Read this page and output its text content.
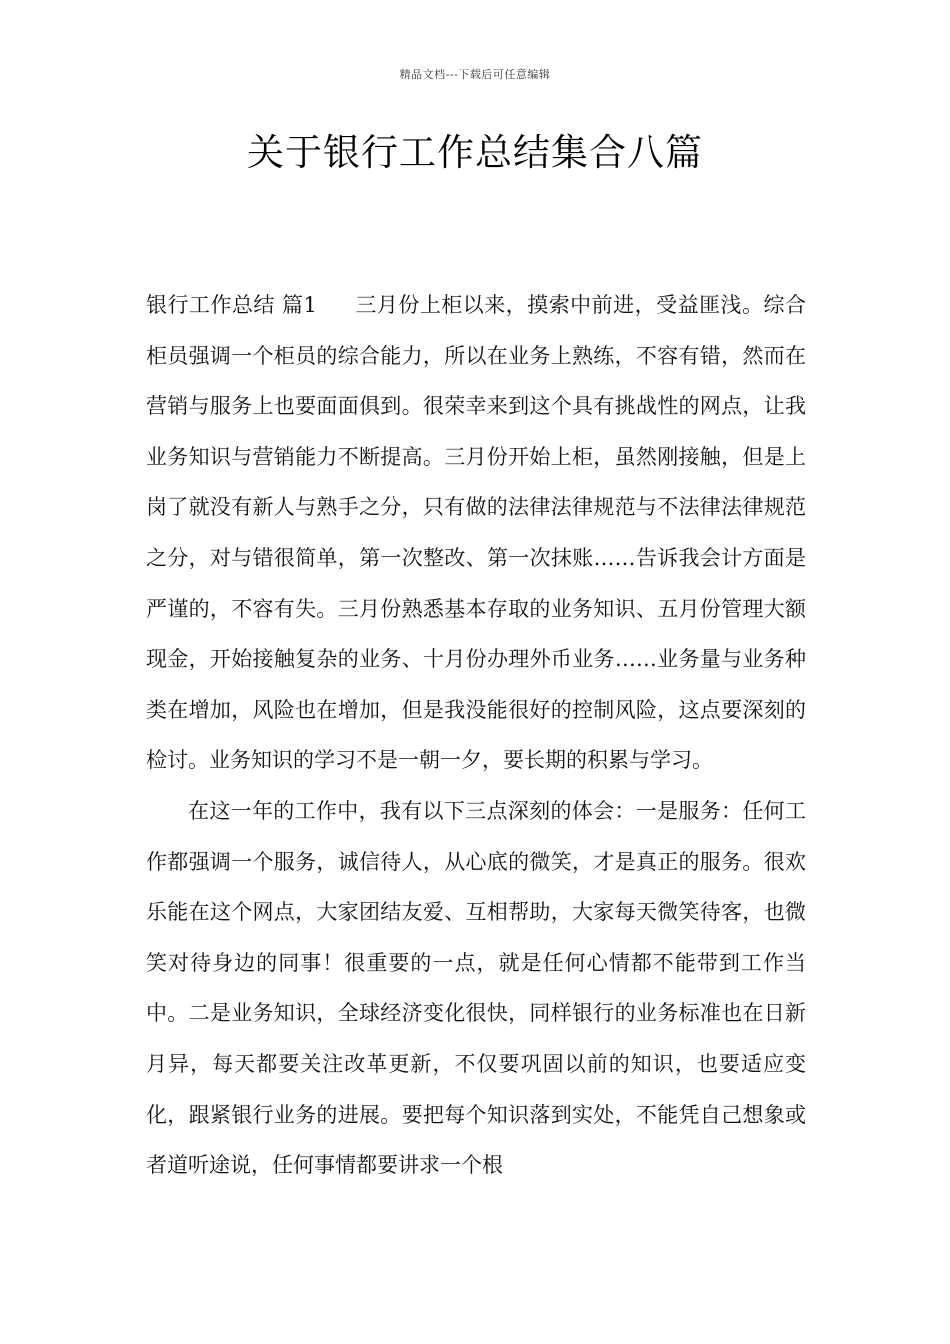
精品文档---下载后可任意编辑
关于银行工作总结集合八篇

银行工作总结 篇1 三月份上柜以来，摸索中前进，受益匪浅。综合柜员强调一个柜员的综合能力，所以在业务上熟练，不容有错，然而在营销与服务上也要面面俱到。很荣幸来到这个具有挑战性的网点，让我业务知识与营销能力不断提高。三月份开始上柜，虽然刚接触，但是上岗了就没有新人与熟手之分，只有做的法律法律规范与不法律法律规范之分，对与错很简单，第一次整改、第一次抹账……告诉我会计方面是严谨的，不容有失。三月份熟悉基本存取的业务知识、五月份管理大额现金，开始接触复杂的业务、十月份办理外币业务……业务量与业务种类在增加，风险也在增加，但是我没能很好的控制风险，这点要深刻的检讨。业务知识的学习不是一朝一夕，要长期的积累与学习。

在这一年的工作中，我有以下三点深刻的体会：一是服务：任何工作都强调一个服务，诚信待人，从心底的微笑，才是真正的服务。很欢乐能在这个网点，大家团结友爱、互相帮助，大家每天微笑待客，也微笑对待身边的同事！很重要的一点，就是任何心情都不能带到工作当中。二是业务知识，全球经济变化很快，同样银行的业务标准也在日新月异，每天都要关注改革更新，不仅要巩固以前的知识，也要适应变化，跟紧银行业务的进展。要把每个知识落到实处，不能凭自己想象或者道听途说，任何事情都要讲求一个根
